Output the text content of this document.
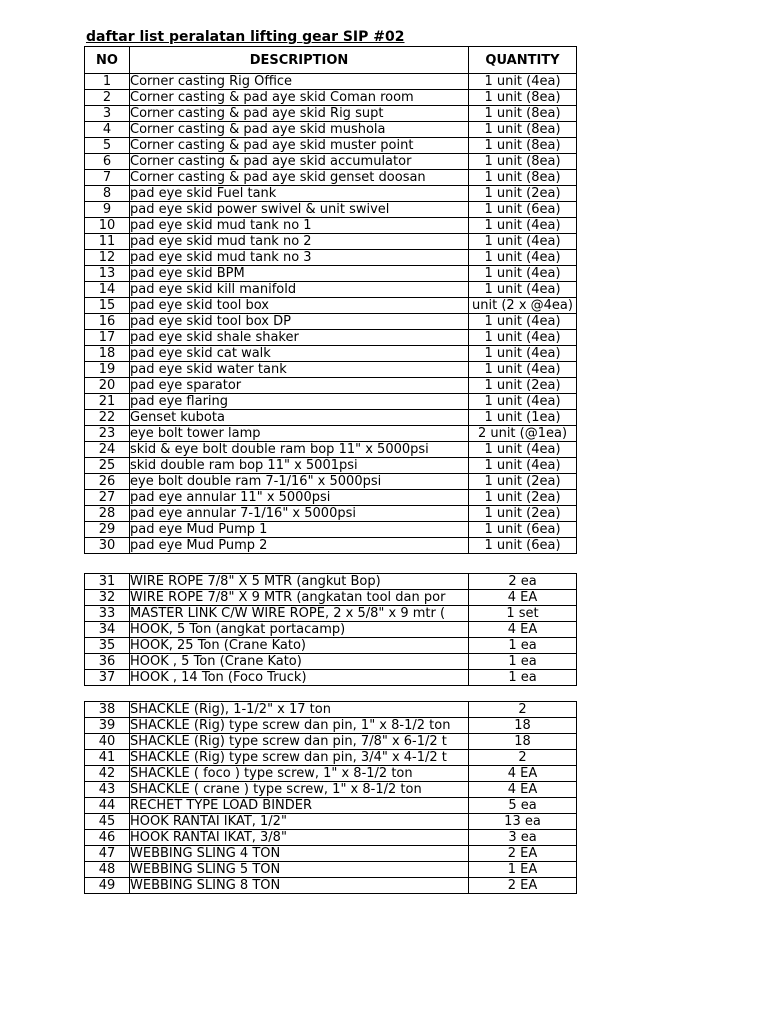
daftar list peralatan lifting gear SIP #02
NO	DESCRIPTION	QUANTITY
1	Corner casting Rig Office	1 unit (4ea)
2	Corner casting & pad aye skid Coman room	1 unit (8ea)
3	Corner casting & pad aye skid Rig supt	1 unit (8ea)
4	Corner casting & pad aye skid mushola	1 unit (8ea)
5	Corner casting & pad aye skid muster point	1 unit (8ea)
6	Corner casting & pad aye skid accumulator	1 unit (8ea)
7	Corner casting & pad aye skid genset doosan	1 unit (8ea)
8	pad eye skid Fuel tank	1 unit (2ea)
9	pad eye skid power swivel & unit swivel	1 unit (6ea)
10	pad eye skid mud tank no 1	1 unit (4ea)
11	pad eye skid mud tank no 2	1 unit (4ea)
12	pad eye skid mud tank no 3	1 unit (4ea)
13	pad eye skid BPM	1 unit (4ea)
14	pad eye skid kill manifold	1 unit (4ea)
15	pad eye skid tool box	unit (2 x @4ea)
16	pad eye skid tool box DP	1 unit (4ea)
17	pad eye skid shale shaker	1 unit (4ea)
18	pad eye skid cat walk	1 unit (4ea)
19	pad eye skid water tank	1 unit (4ea)
20	pad eye sparator	1 unit (2ea)
21	pad eye flaring	1 unit (4ea)
22	Genset kubota	1 unit (1ea)
23	eye bolt tower lamp	2 unit (@1ea)
24	skid & eye bolt double ram bop 11" x 5000psi	1 unit (4ea)
25	skid double ram bop 11" x 5001psi	1 unit (4ea)
26	eye bolt double ram 7-1/16" x 5000psi	1 unit (2ea)
27	pad eye annular 11" x 5000psi	1 unit (2ea)
28	pad eye annular 7-1/16" x 5000psi	1 unit (2ea)
29	pad eye Mud Pump 1	1 unit (6ea)
30	pad eye Mud Pump 2	1 unit (6ea)
31	WIRE ROPE 7/8" X 5 MTR (angkut Bop)	2 ea
32	WIRE ROPE 7/8" X 9 MTR (angkatan tool dan por	4 EA
33	MASTER LINK C/W WIRE ROPE, 2 x 5/8" x 9 mtr (	1 set
34	HOOK, 5 Ton (angkat portacamp)	4 EA
35	HOOK, 25 Ton (Crane Kato)	1 ea
36	HOOK , 5 Ton (Crane Kato)	1 ea
37	HOOK , 14 Ton (Foco Truck)	1 ea
38	SHACKLE (Rig), 1-1/2" x 17 ton	2
39	SHACKLE (Rig) type screw dan pin, 1" x 8-1/2 ton	18
40	SHACKLE (Rig) type screw dan pin, 7/8" x 6-1/2 t	18
41	SHACKLE (Rig) type screw dan pin, 3/4" x 4-1/2 t	2
42	SHACKLE ( foco ) type screw, 1" x 8-1/2 ton	4 EA
43	SHACKLE ( crane ) type screw, 1" x 8-1/2 ton	4 EA
44	RECHET TYPE LOAD BINDER	5 ea
45	HOOK RANTAI IKAT, 1/2"	13 ea
46	HOOK RANTAI IKAT, 3/8"	3 ea
47	WEBBING SLING 4 TON	2 EA
48	WEBBING SLING 5 TON	1 EA
49	WEBBING SLING 8 TON	2 EA
